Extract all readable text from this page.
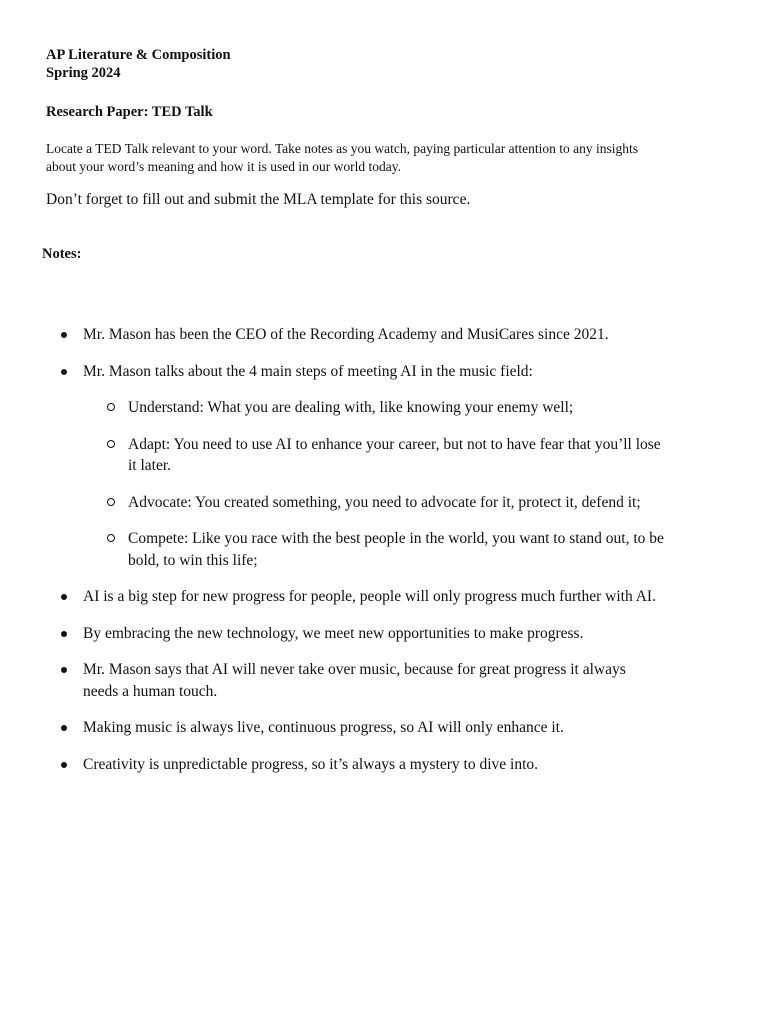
AP Literature & Composition
Spring 2024
Research Paper: TED Talk
Locate a TED Talk relevant to your word. Take notes as you watch, paying particular attention to any insights about your word’s meaning and how it is used in our world today.
Don’t forget to fill out and submit the MLA template for this source.
Notes:
Mr. Mason has been the CEO of the Recording Academy and MusiCares since 2021.
Mr. Mason talks about the 4 main steps of meeting AI in the music field:
Understand: What you are dealing with, like knowing your enemy well;
Adapt: You need to use AI to enhance your career, but not to have fear that you’ll lose it later.
Advocate: You created something, you need to advocate for it, protect it, defend it;
Compete: Like you race with the best people in the world, you want to stand out, to be bold, to win this life;
AI is a big step for new progress for people, people will only progress much further with AI.
By embracing the new technology, we meet new opportunities to make progress.
Mr. Mason says that AI will never take over music, because for great progress it always needs a human touch.
Making music is always live, continuous progress, so AI will only enhance it.
Creativity is unpredictable progress, so it’s always a mystery to dive into.
